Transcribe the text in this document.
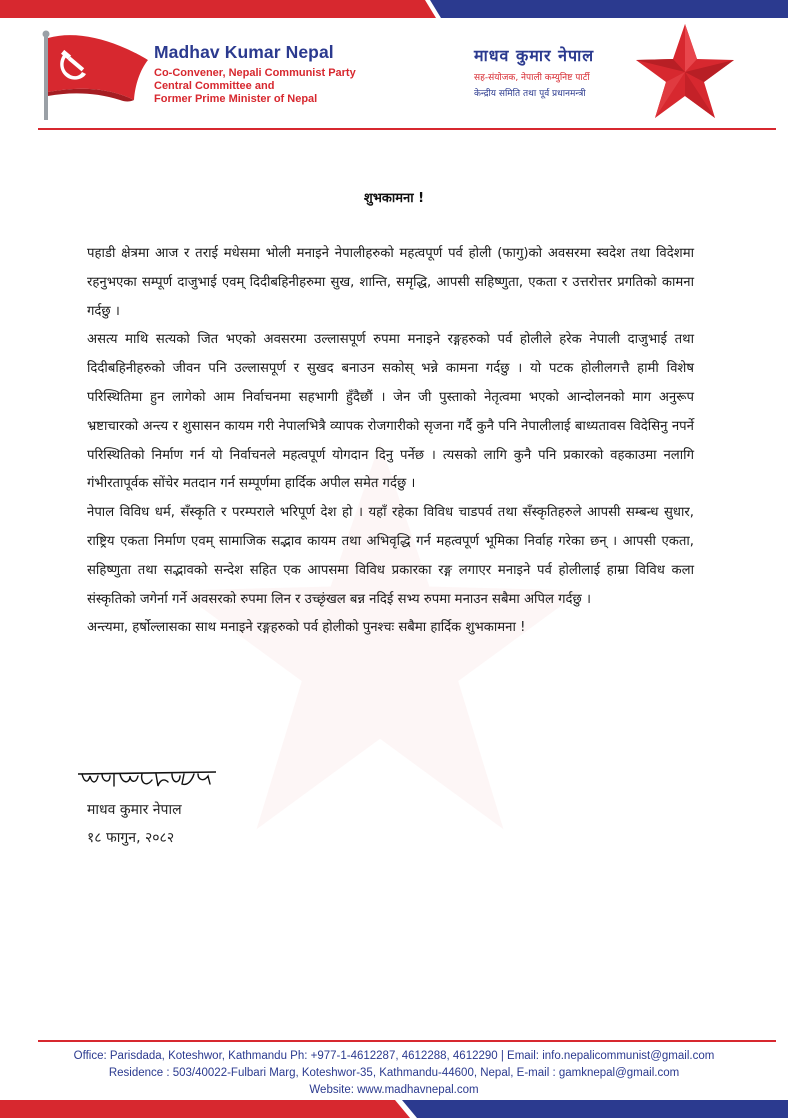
Madhav Kumar Nepal
Co-Convener, Nepali Communist Party
Central Committee and
Former Prime Minister of Nepal
माधव कुमार नेपाल
सह-संयोजक, नेपाली कम्युनिष्ट पार्टी
केन्द्रीय समिति तथा पूर्व प्रधानमन्त्री
शुभकामना !

पहाडी क्षेत्रमा आज र तराई मधेसमा भोली मनाइने नेपालीहरुको महत्वपूर्ण पर्व होली (फागु)को अवसरमा स्वदेश तथा विदेशमा रहनुभएका सम्पूर्ण दाजुभाई एवम् दिदीबहिनीहरुमा सुख, शान्ति, समृद्धि, आपसी सहिष्णुता, एकता र उत्तरोत्तर प्रगतिको कामना गर्दछु ।

असत्य माथि सत्यको जित भएको अवसरमा उल्लासपूर्ण रुपमा मनाइने रङ्गहरुको पर्व होलीले हरेक नेपाली दाजुभाई तथा दिदीबहिनीहरुको जीवन पनि उल्लासपूर्ण र सुखद बनाउन सकोस् भन्ने कामना गर्दछु । यो पटक होलीलगत्तै हामी विशेष परिस्थितिमा हुन लागेको आम निर्वाचनमा सहभागी हुँदैछौं । जेन जी पुस्ताको नेतृत्वमा भएको आन्दोलनको माग अनुरूप भ्रष्टाचारको अन्त्य र शुसासन कायम गरी नेपालभित्रै व्यापक रोजगारीको सृजना गर्दै कुनै पनि नेपालीलाई बाध्यतावस विदेसिनु नपर्ने परिस्थितिको निर्माण गर्न यो निर्वाचनले महत्वपूर्ण योगदान दिनु पर्नेछ । त्यसको लागि कुनै पनि प्रकारको वहकाउमा नलागि गंभीरतापूर्वक सोंचेर मतदान गर्न सम्पूर्णमा हार्दिक अपील समेत गर्दछु ।

नेपाल विविध धर्म, सँस्कृति र परम्पराले भरिपूर्ण देश हो । यहाँ रहेका विविध चाडपर्व तथा सँस्कृतिहरुले आपसी सम्बन्ध सुधार, राष्ट्रिय एकता निर्माण एवम् सामाजिक सद्भाव कायम तथा अभिवृद्धि गर्न महत्वपूर्ण भूमिका निर्वाह गरेका छन् । आपसी एकता, सहिष्णुता तथा सद्भावको सन्देश सहित एक आपसमा विविध प्रकारका रङ्ग लगाएर मनाइने पर्व होलीलाई हाम्रा विविध कला संस्कृतिको जगेर्ना गर्ने अवसरको रुपमा लिन र उच्छृंखल बन्न नदिई सभ्य रुपमा मनाउन सबैमा अपिल गर्दछु ।

अन्त्यमा, हर्षोल्लासका साथ मनाइने रङ्गहरुको पर्व होलीको पुनश्चः सबैमा हार्दिक शुभकामना !

माधव कुमार नेपाल
१८ फागुन, २०८२
Office: Parisdada, Koteshwor, Kathmandu Ph: +977-1-4612287, 4612288, 4612290 | Email: info.nepalicommunist@gmail.com
Residence : 503/40022-Fulbari Marg, Koteshwor-35, Kathmandu-44600, Nepal, E-mail : gamknepal@gmail.com
Website: www.madhavnepal.com
